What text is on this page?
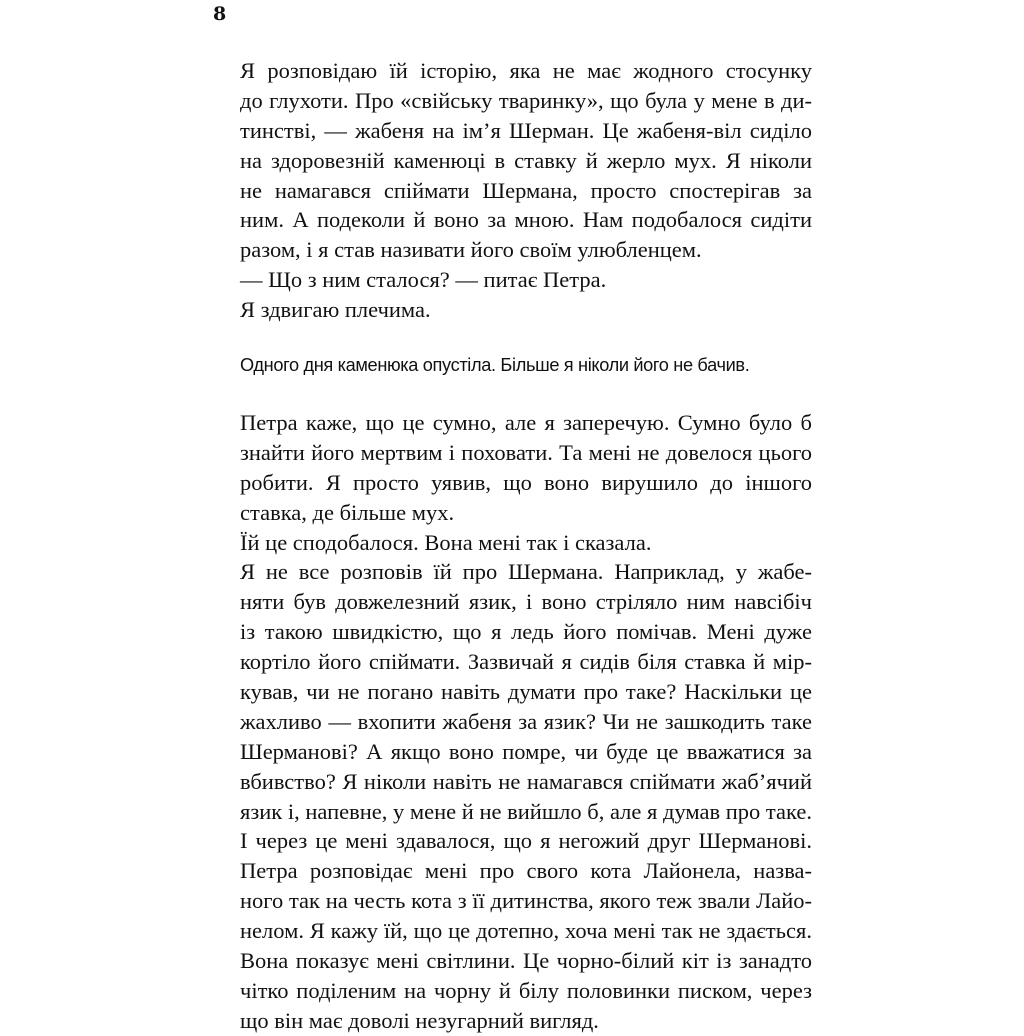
8
Я розповідаю їй історію, яка не має жодного стосунку
до глухоти. Про «свійську тваринку», що була у мене в ди-
тинстві, — жабеня на ім’я Шерман. Це жабеня-віл сиділо
на здоровезній каменюці в ставку й жерло мух. Я ніколи
не намагався спіймати Шермана, просто спостерігав за
ним. А подеколи й воно за мною. Нам подобалося сидіти
разом, і я став називати його своїм улюбленцем.
— Що з ним сталося? — питає Петра.
Я здвигаю плечима.
Одного дня каменюка опустіла. Більше я ніколи його не бачив.
Петра каже, що це сумно, але я заперечую. Сумно було б
знайти його мертвим і поховати. Та мені не довелося цього
робити. Я просто уявив, що воно вирушило до іншого
ставка, де більше мух.
Їй це сподобалося. Вона мені так і сказала.
Я не все розповів їй про Шермана. Наприклад, у жабе-
няти був довжелезний язик, і воно стріляло ним навсібіч
із такою швидкістю, що я ледь його помічав. Мені дуже
кортіло його спіймати. Зазвичай я сидів біля ставка й мір-
кував, чи не погано навіть думати про таке? Наскільки це
жахливо — вхопити жабеня за язик? Чи не зашкодить таке
Шерманові? А якщо воно помре, чи буде це вважатися за
вбивство? Я ніколи навіть не намагався спіймати жаб’ячий
язик і, напевне, у мене й не вийшло б, але я думав про таке.
І через це мені здавалося, що я негожий друг Шерманові.
Петра розповідає мені про свого кота Лайонела, назва-
ного так на честь кота з її дитинства, якого теж звали Лайо-
нелом. Я кажу їй, що це дотепно, хоча мені так не здається.
Вона показує мені світлини. Це чорно-білий кіт із занадто
чітко поділеним на чорну й білу половинки писком, через
що він має доволі незугарний вигляд.
